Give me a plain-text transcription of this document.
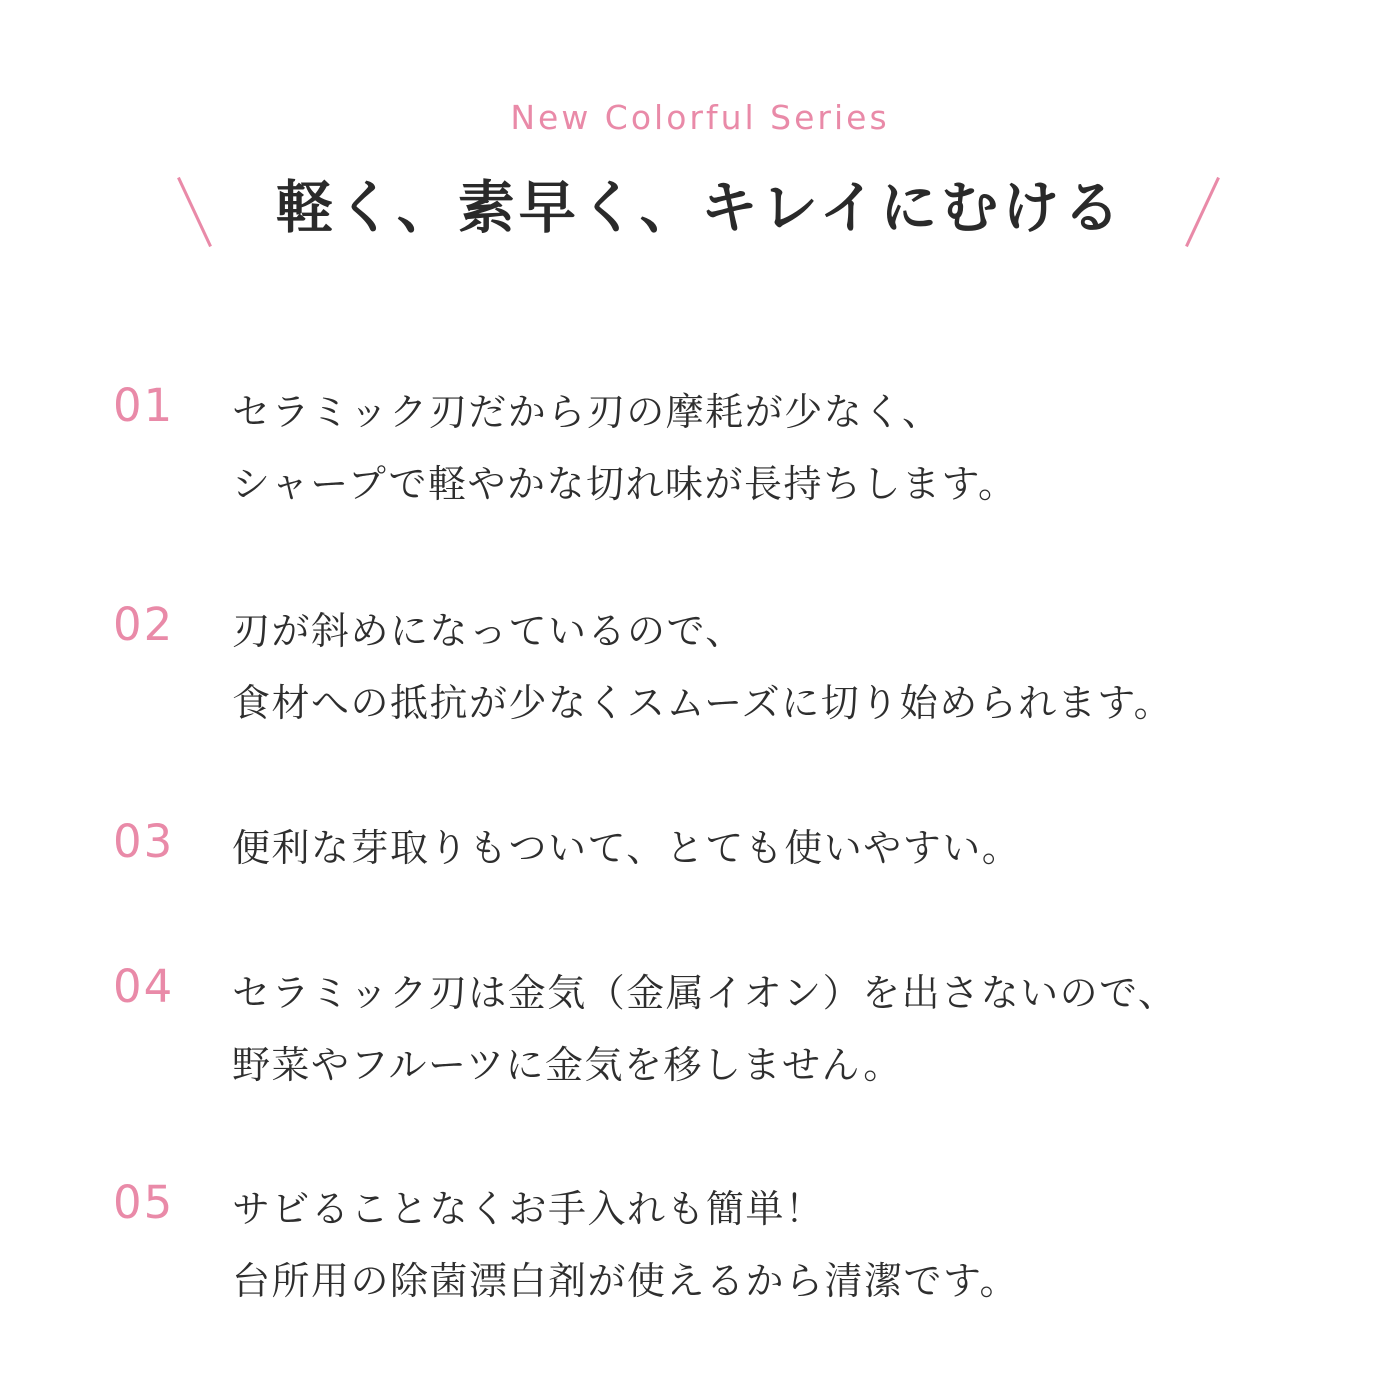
New Colorful Series
軽く、素早く、キレイにむける
01 セラミック刃だから刃の摩耗が少なく、
シャープで軽やかな切れ味が長持ちします。
02 刃が斜めになっているので、
食材への抵抗が少なくスムーズに切り始められます。
03 便利な芽取りもついて、とても使いやすい。
04 セラミック刃は金気（金属イオン）を出さないので、
野菜やフルーツに金気を移しません。
05 サビることなくお手入れも簡単！
台所用の除菌漂白剤が使えるから清潔です。
